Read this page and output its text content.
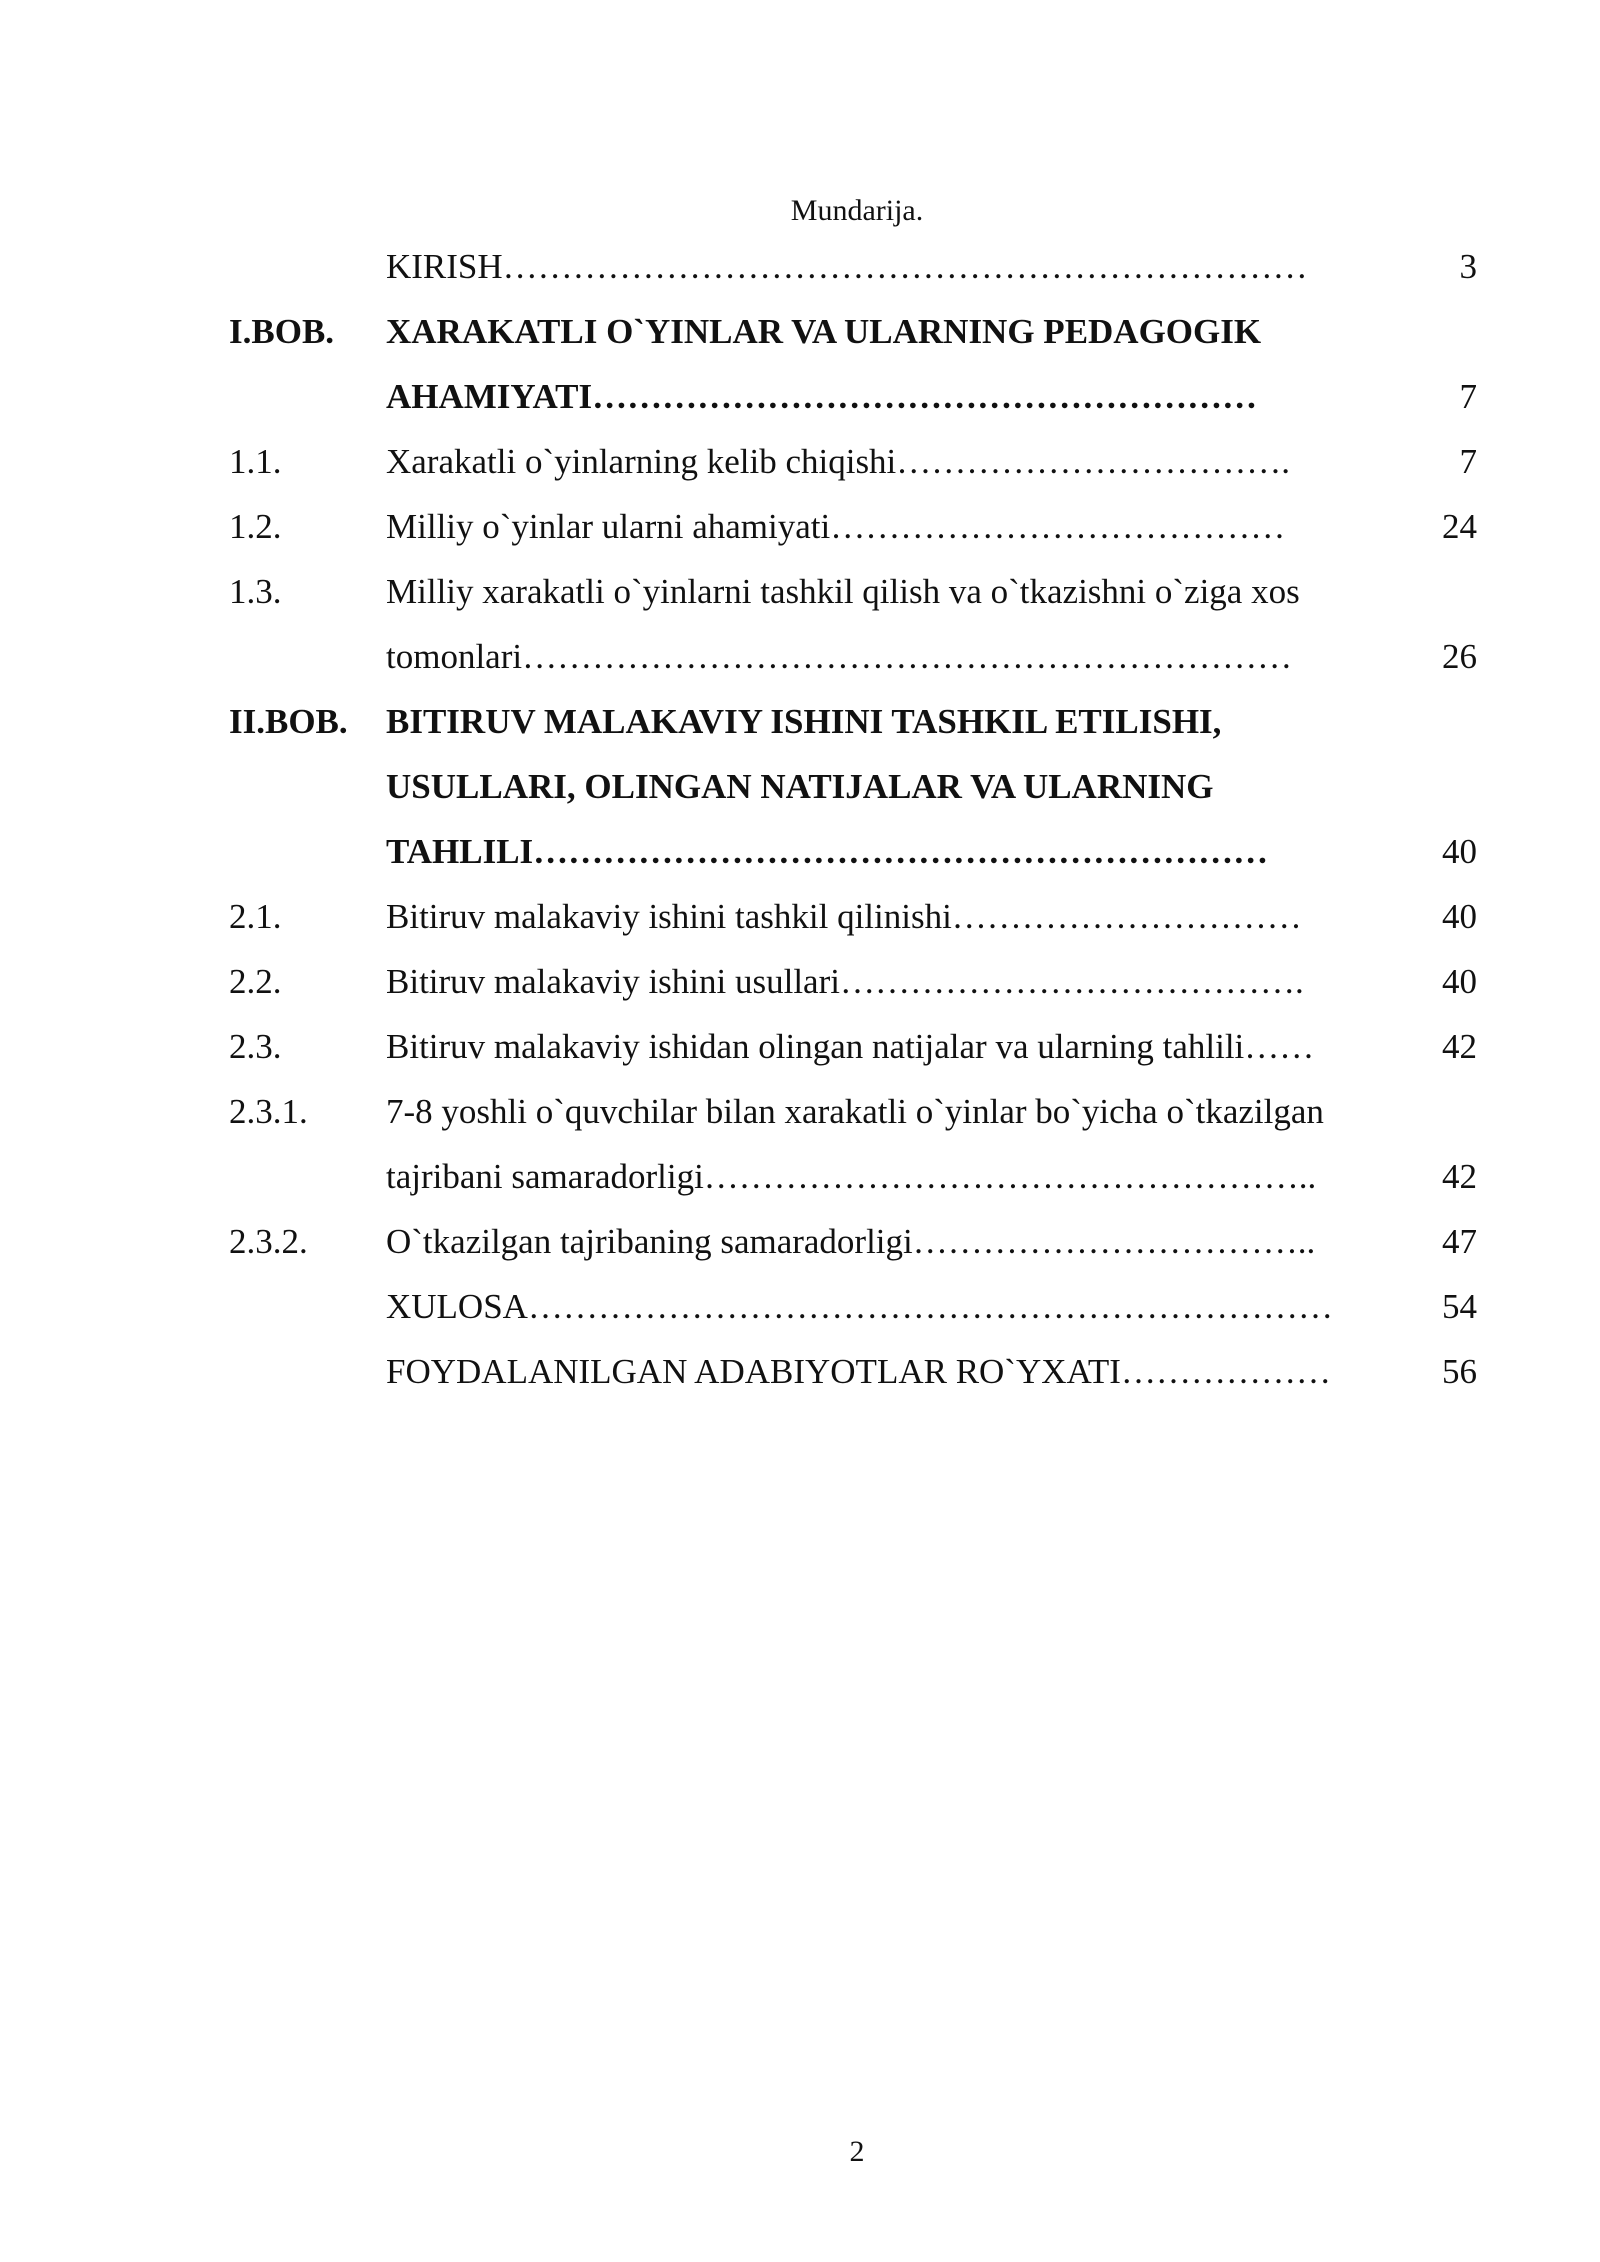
Mundarija.
KIRISH……………………………………………………………	3
I.BOB. XARAKATLI O`YINLAR VA ULARNING PEDAGOGIK
AHAMIYATI…………………………………………………	7
1.1.	Xarakatli o`yinlarning kelib chiqishi…………………………….	7
1.2.	Milliy o`yinlar ularni ahamiyati…………………………………	24
1.3.	Milliy xarakatli o`yinlarni tashkil qilish va o`tkazishni o`ziga xos
tomonlari…………………………………………………………	26
II.BOB. BITIRUV MALAKAVIY ISHINI TASHKIL ETILISHI,
USULLARI, OLINGAN NATIJALAR VA ULARNING
TAHLILI………………………………………………………	40
2.1.	Bitiruv malakaviy ishini tashkil qilinishi…………………………	40
2.2.	Bitiruv malakaviy ishini usullari………………………………….	40
2.3.	Bitiruv malakaviy ishidan olingan natijalar va ularning tahlili……	42
2.3.1. 7-8 yoshli o`quvchilar bilan xarakatli o`yinlar bo`yicha o`tkazilgan
tajribani samaradorligi……………………………………………..	42
2.3.2. O`tkazilgan tajribaning samaradorligi……………………………..	47
XULOSA……………………………………………………………	54
FOYDALANILGAN ADABIYOTLAR RO`YXATI………………	56
2
